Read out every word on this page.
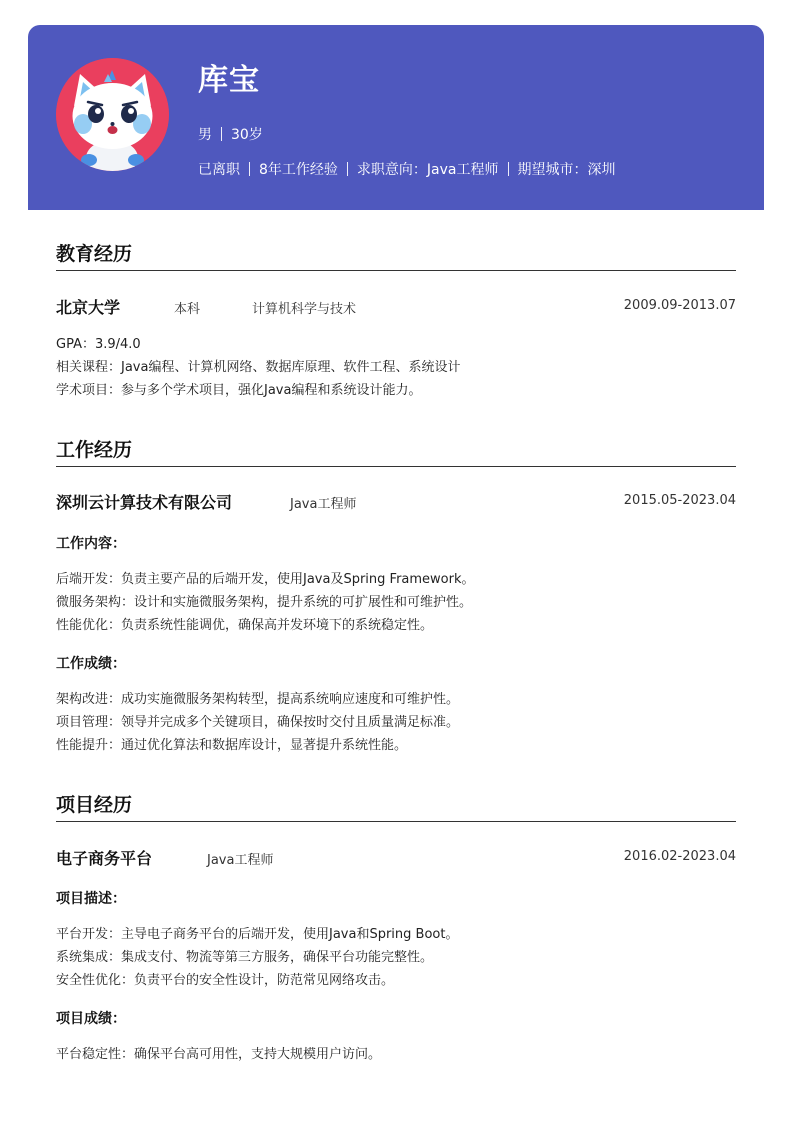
库宝
男 30岁
已离职 8年工作经验 求职意向：Java工程师 期望城市：深圳
教育经历
北京大学	本科	计算机科学与技术	2009.09-2013.07
GPA：3.9/4.0
相关课程：Java编程、计算机网络、数据库原理、软件工程、系统设计
学术项目：参与多个学术项目，强化Java编程和系统设计能力。
工作经历
深圳云计算技术有限公司	Java工程师	2015.05-2023.04
工作内容：
后端开发：负责主要产品的后端开发，使用Java及Spring Framework。
微服务架构：设计和实施微服务架构，提升系统的可扩展性和可维护性。
性能优化：负责系统性能调优，确保高并发环境下的系统稳定性。
工作成绩：
架构改进：成功实施微服务架构转型，提高系统响应速度和可维护性。
项目管理：领导并完成多个关键项目，确保按时交付且质量满足标准。
性能提升：通过优化算法和数据库设计，显著提升系统性能。
项目经历
电子商务平台	Java工程师	2016.02-2023.04
项目描述：
平台开发：主导电子商务平台的后端开发，使用Java和Spring Boot。
系统集成：集成支付、物流等第三方服务，确保平台功能完整性。
安全性优化：负责平台的安全性设计，防范常见网络攻击。
项目成绩：
平台稳定性：确保平台高可用性，支持大规模用户访问。
